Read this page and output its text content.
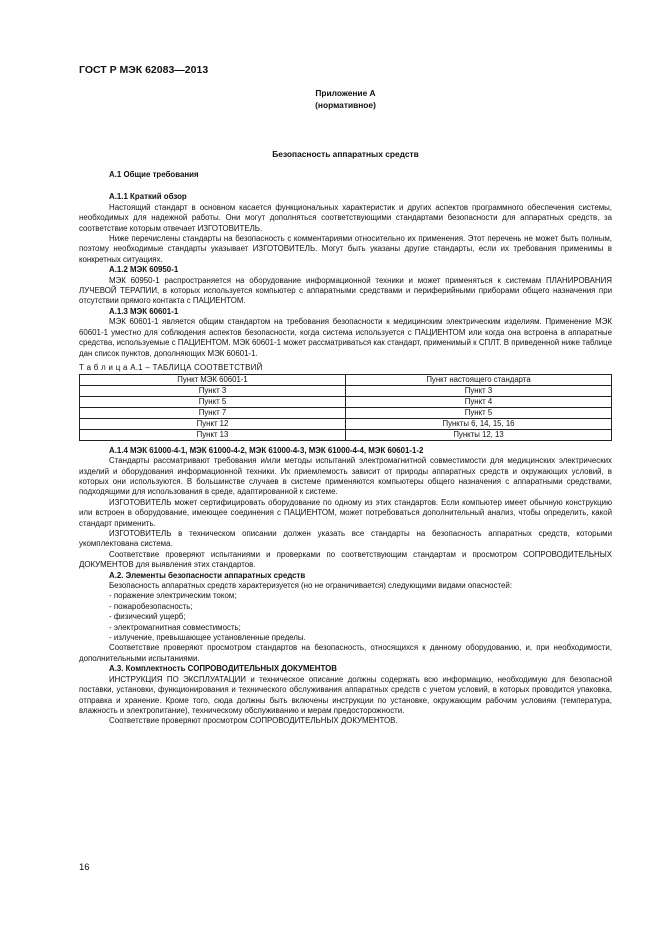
ГОСТ Р МЭК 62083—2013
Приложение А
(нормативное)
Безопасность аппаратных средств

А.1 Общие требования

А.1.1 Краткий обзор

Настоящий стандарт в основном касается функциональных характеристик и других аспектов программного обеспечения системы, необходимых для надежной работы. Они могут дополняться соответствующими стандартами безопасности для аппаратных средств, за соответствие которым отвечает ИЗГОТОВИТЕЛЬ.

Ниже перечислены стандарты на безопасность с комментариями относительно их применения. Этот перечень не может быть полным, поэтому необходимые стандарты указывает ИЗГОТОВИТЕЛЬ. Могут быть указаны другие стандарты, если их требования применимы в конкретных ситуациях.

А.1.2 МЭК 60950-1

МЭК 60950-1 распространяется на оборудование информационной техники и может применяться к системам ПЛАНИРОВАНИЯ ЛУЧЕВОЙ ТЕРАПИИ, в которых используется компьютер с аппаратными средствами и периферийными приборами общего назначения при отсутствии прямого контакта с ПАЦИЕНТОМ.

А.1.3 МЭК 60601-1

МЭК 60601-1 является общим стандартом на требования безопасности к медицинским электрическим изделиям. Применение МЭК 60601-1 уместно для соблюдения аспектов безопасности, когда система используется с ПАЦИЕНТОМ или когда она встроена в аппаратные средства, используемые с ПАЦИЕНТОМ. МЭК 60601-1 может рассматриваться как стандарт, применимый к СПЛТ. В приведенной ниже таблице дан список пунктов, дополняющих МЭК 60601-1.

Т а б л и ц а А.1 – ТАБЛИЦА СООТВЕТСТВИЙ

Пункт МЭК 60601-1	Пункт настоящего стандарта
Пункт 3	Пункт 3
Пункт 5	Пункт 4
Пункт 7	Пункт 5
Пункт 12	Пункты 6, 14, 15, 16
Пункт 13	Пункты 12, 13

А.1.4 МЭК 61000-4-1, МЭК 61000-4-2, МЭК 61000-4-3, МЭК 61000-4-4, МЭК 60601-1-2

Стандарты рассматривают требования и/или методы испытаний электромагнитной совместимости для медицинских электрических изделий и оборудования информационной техники. Их приемлемость зависит от природы аппаратных средств и окружающих условий, в которых они используются. В большинстве случаев в системе применяются компьютеры общего назначения с аппаратными средствами, подходящими для использования в среде, адаптированной к системе.

ИЗГОТОВИТЕЛЬ может сертифицировать оборудование по одному из этих стандартов. Если компьютер имеет обычную конструкцию или встроен в оборудование, имеющее соединения с ПАЦИЕНТОМ, может потребоваться дополнительный анализ, чтобы определить, какой стандарт применить.

ИЗГОТОВИТЕЛЬ в техническом описании должен указать все стандарты на безопасность аппаратных средств, которыми укомплектована система.

Соответствие проверяют испытаниями и проверками по соответствующим стандартам и просмотром СОПРОВОДИТЕЛЬНЫХ ДОКУМЕНТОВ для выявления этих стандартов.

А.2. Элементы безопасности аппаратных средств

Безопасность аппаратных средств характеризуется (но не ограничивается) следующими видами опасностей:

- поражение электрическим током;

- пожаробезопасность;

- физический ущерб;

- электромагнитная совместимость;

- излучение, превышающее установленные пределы.

Соответствие проверяют просмотром стандартов на безопасность, относящихся к данному оборудованию, и, при необходимости, дополнительными испытаниями.

А.3. Комплектность СОПРОВОДИТЕЛЬНЫХ ДОКУМЕНТОВ

ИНСТРУКЦИЯ ПО ЭКСПЛУАТАЦИИ и техническое описание должны содержать всю информацию, необходимую для безопасной поставки, установки, функционирования и технического обслуживания аппаратных средств с учетом условий, в которых проводится упаковка, отправка и хранение. Кроме того, сюда должны быть включены инструкции по установке, окружающим рабочим условиям (температура, влажность и электропитание), техническому обслуживанию и мерам предосторожности.

Соответствие проверяют просмотром СОПРОВОДИТЕЛЬНЫХ ДОКУМЕНТОВ.

16
